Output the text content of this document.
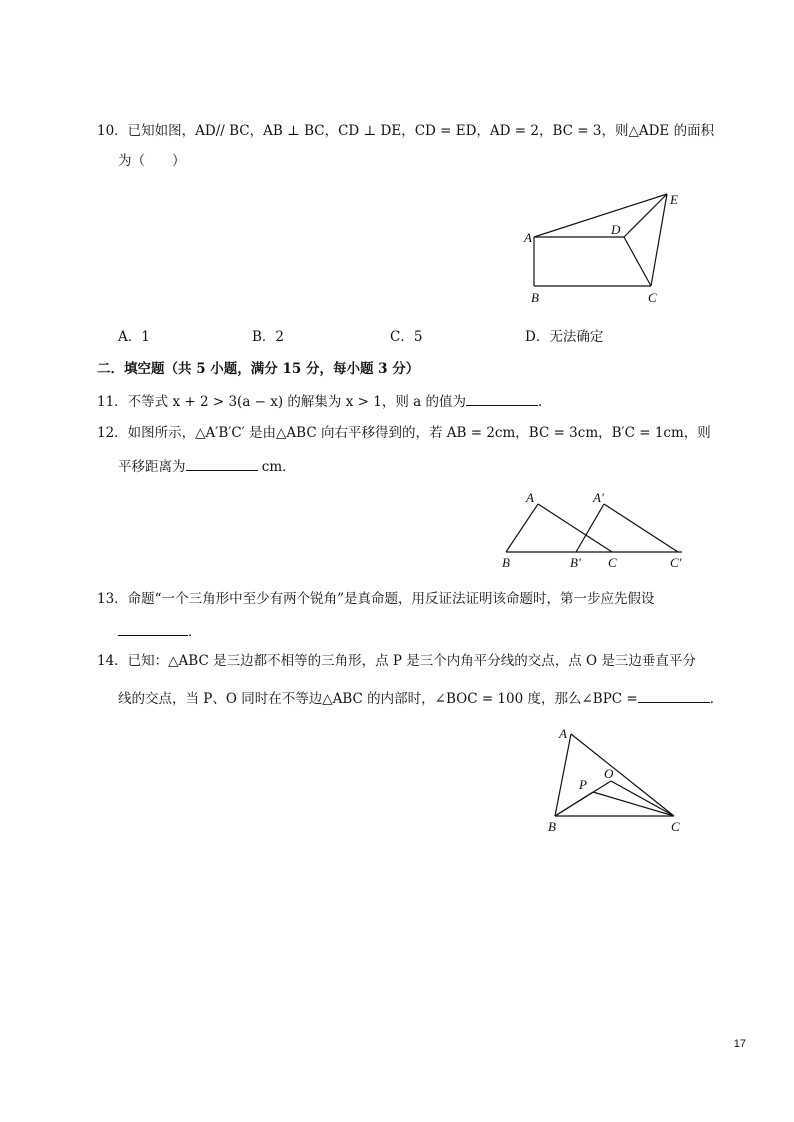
10．已知如图，AD// BC，AB ⊥ BC，CD ⊥ DE，CD = ED，AD = 2，BC = 3，则△ADE 的面积
为（　　）
A
B	C
D
E
A．1	B．2	C．5	D．无法确定
二．填空题（共 5 小题，满分 15 分，每小题 3 分）
11．不等式 x + 2 > 3(a − x) 的解集为 x > 1，则 a 的值为	．
12．如图所示，△A′B′C′ 是由△ABC 向右平移得到的，若 AB = 2cm，BC = 3cm，B′C = 1cm，则
平移距离为	cm．
A	A'
B	B' C	C'
13．命题“一个三角形中至少有两个锐角”是真命题，用反证法证明该命题时，第一步应先假设
．
14．已知：△ABC 是三边都不相等的三角形，点 P 是三个内角平分线的交点，点 O 是三边垂直平分
线的交点，当 P、O 同时在不等边△ABC 的内部时，∠BOC = 100 度，那么∠BPC =	．
A
B	C
P
O
17
